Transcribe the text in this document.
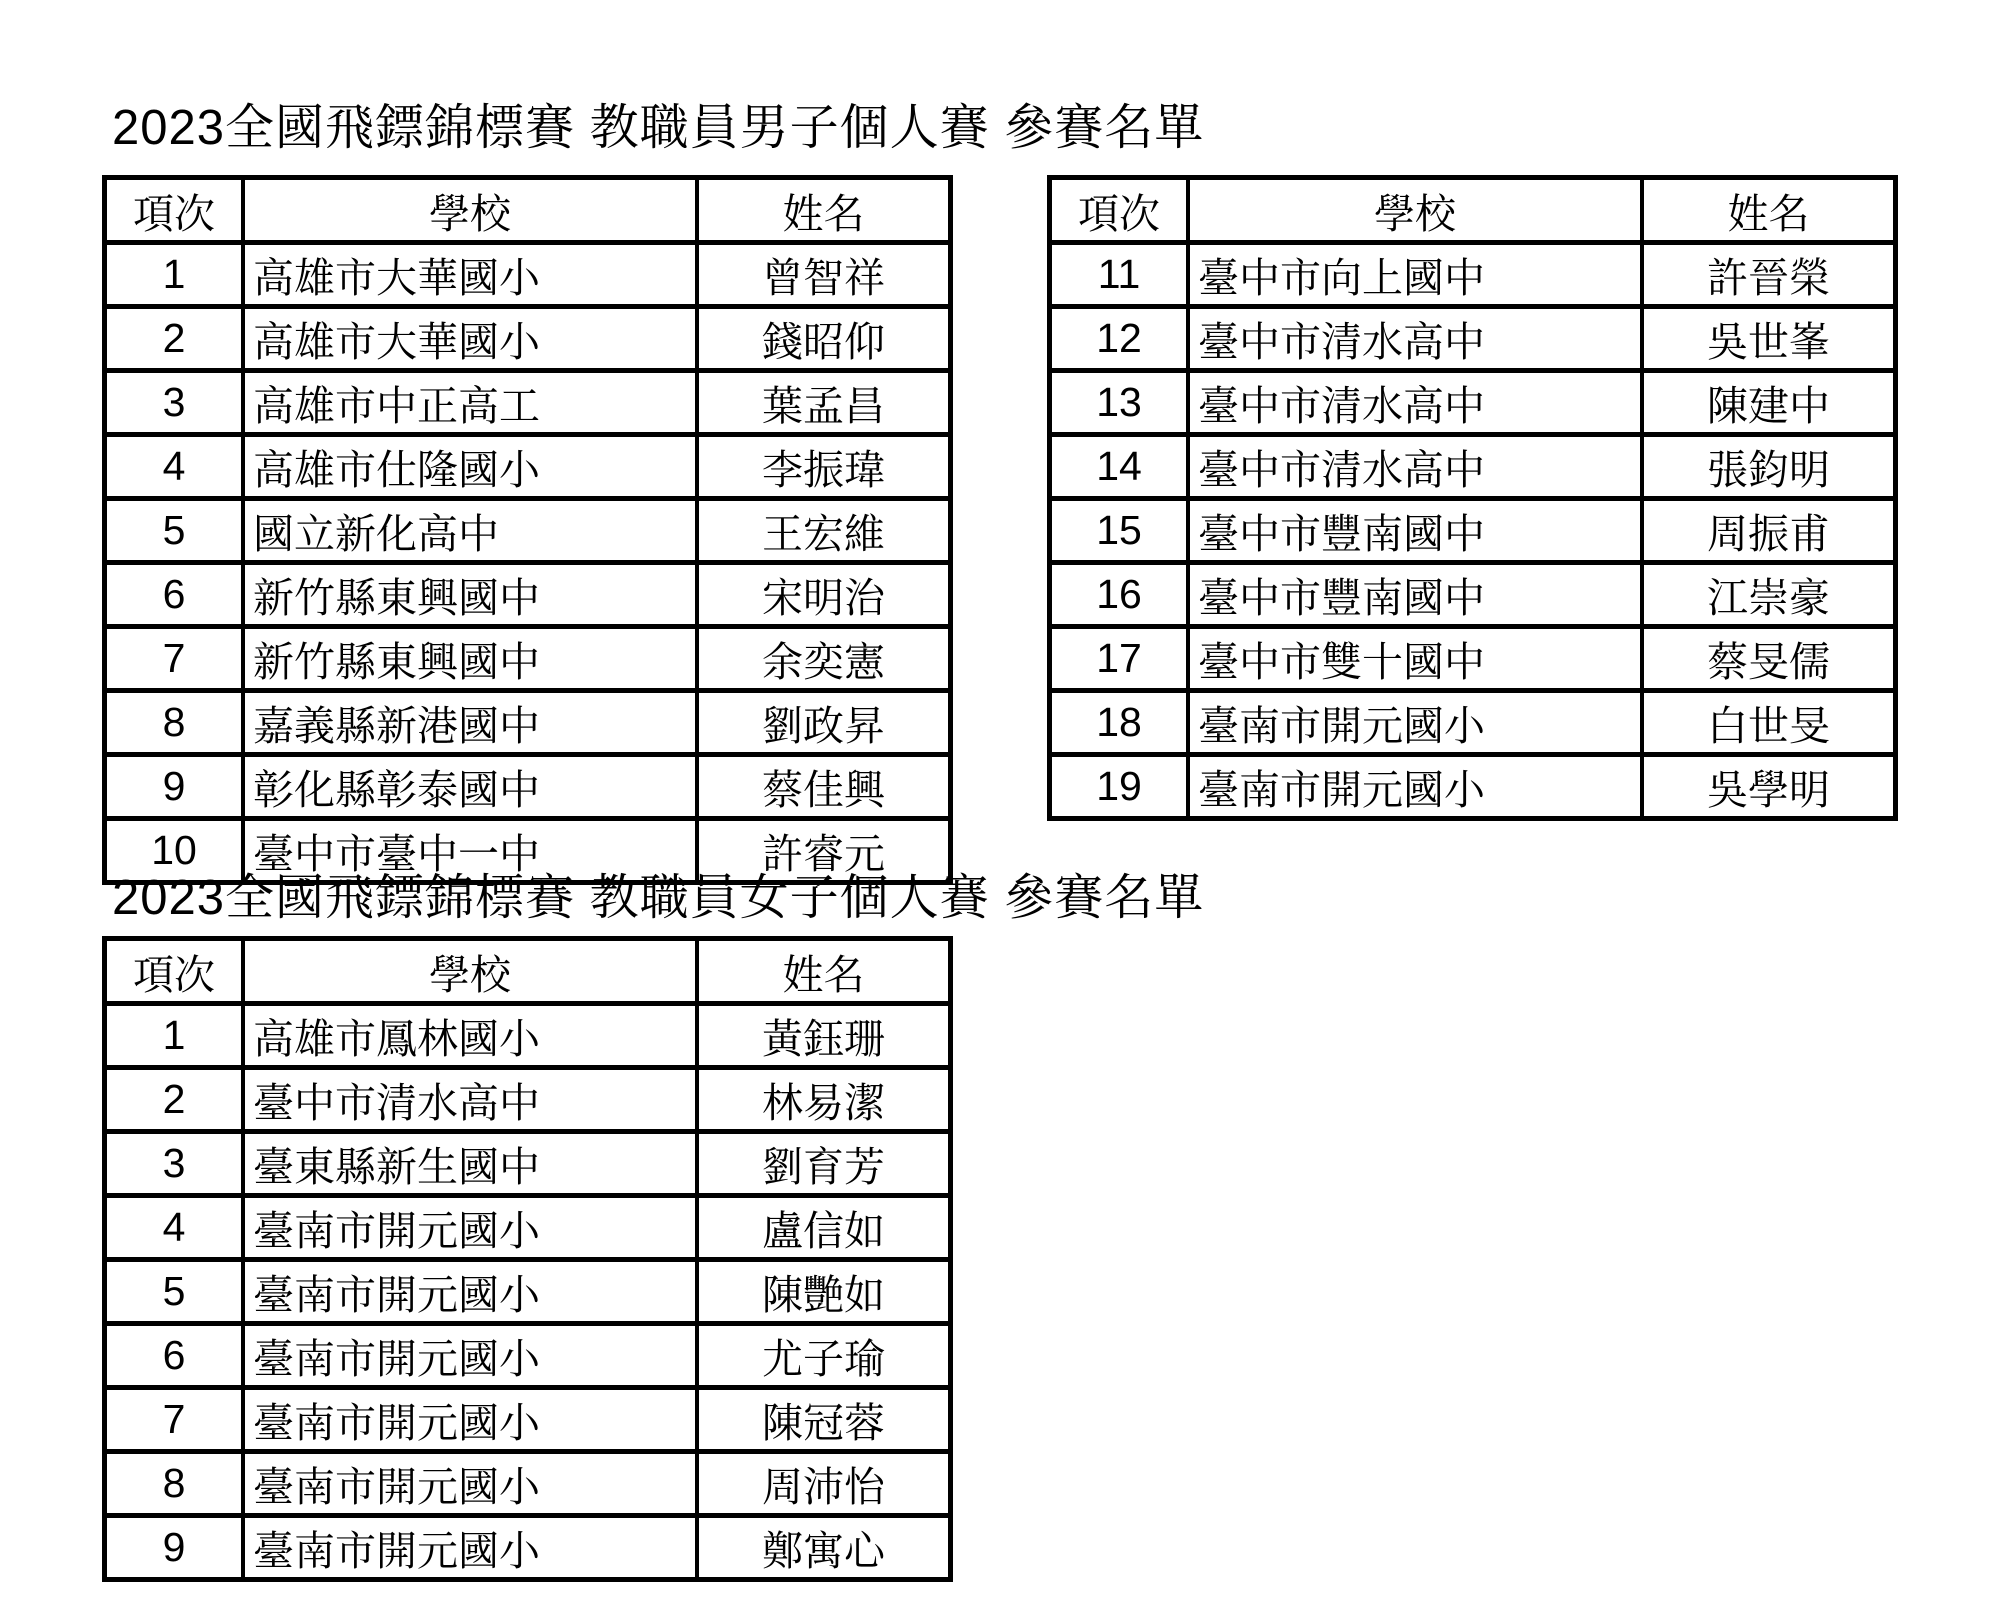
2023全國飛鏢錦標賽 教職員男子個人賽 參賽名單
項次	學校	姓名
1	高雄市大華國小	曾智祥
2	高雄市大華國小	錢昭仰
3	高雄市中正高工	葉孟昌
4	高雄市仕隆國小	李振瑋
5	國立新化高中	王宏維
6	新竹縣東興國中	宋明治
7	新竹縣東興國中	余奕憲
8	嘉義縣新港國中	劉政昇
9	彰化縣彰泰國中	蔡佳興
10	臺中市臺中一中	許睿元
項次	學校	姓名
11	臺中市向上國中	許晉榮
12	臺中市清水高中	吳世峯
13	臺中市清水高中	陳建中
14	臺中市清水高中	張鈞明
15	臺中市豐南國中	周振甫
16	臺中市豐南國中	江崇豪
17	臺中市雙十國中	蔡旻儒
18	臺南市開元國小	白世旻
19	臺南市開元國小	吳學明
2023全國飛鏢錦標賽 教職員女子個人賽 參賽名單
項次	學校	姓名
1	高雄市鳳林國小	黃鈺珊
2	臺中市清水高中	林易潔
3	臺東縣新生國中	劉育芳
4	臺南市開元國小	盧信如
5	臺南市開元國小	陳艷如
6	臺南市開元國小	尤子瑜
7	臺南市開元國小	陳冠蓉
8	臺南市開元國小	周沛怡
9	臺南市開元國小	鄭寓心
